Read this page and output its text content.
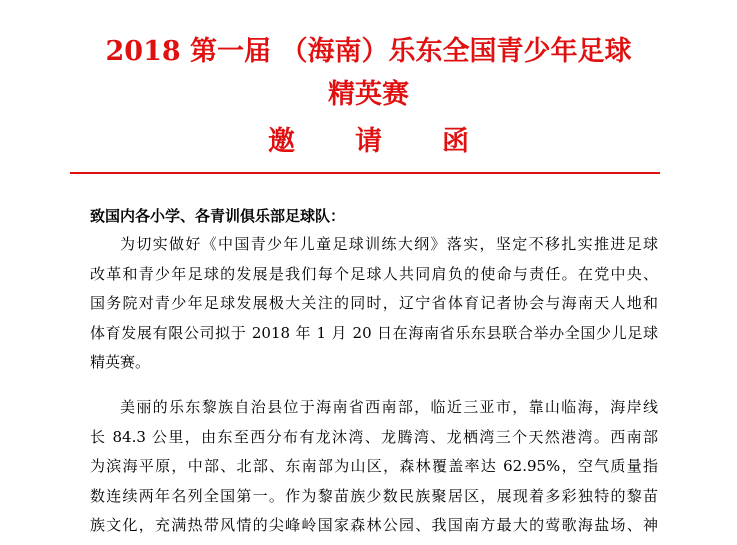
2018 第一届 （海南）乐东全国青少年足球
精英赛
邀 请 函
致国内各小学、各青训俱乐部足球队：
为切实做好《中国青少年儿童足球训练大纲》落实，坚定不移扎实推进足球
改革和青少年足球的发展是我们每个足球人共同肩负的使命与责任。在党中央、
国务院对青少年足球发展极大关注的同时，辽宁省体育记者协会与海南天人地和
体育发展有限公司拟于 2018 年 1 月 20 日在海南省乐东县联合举办全国少儿足球
精英赛。
美丽的乐东黎族自治县位于海南省西南部，临近三亚市，靠山临海，海岸线
长 84.3 公里，由东至西分布有龙沐湾、龙腾湾、龙栖湾三个天然港湾。西南部
为滨海平原，中部、北部、东南部为山区，森林覆盖率达 62.95%，空气质量指
数连续两年名列全国第一。作为黎苗族少数民族聚居区，展现着多彩独特的黎苗
族文化，充满热带风情的尖峰岭国家森林公园、我国南方最大的莺歌海盐场、神
